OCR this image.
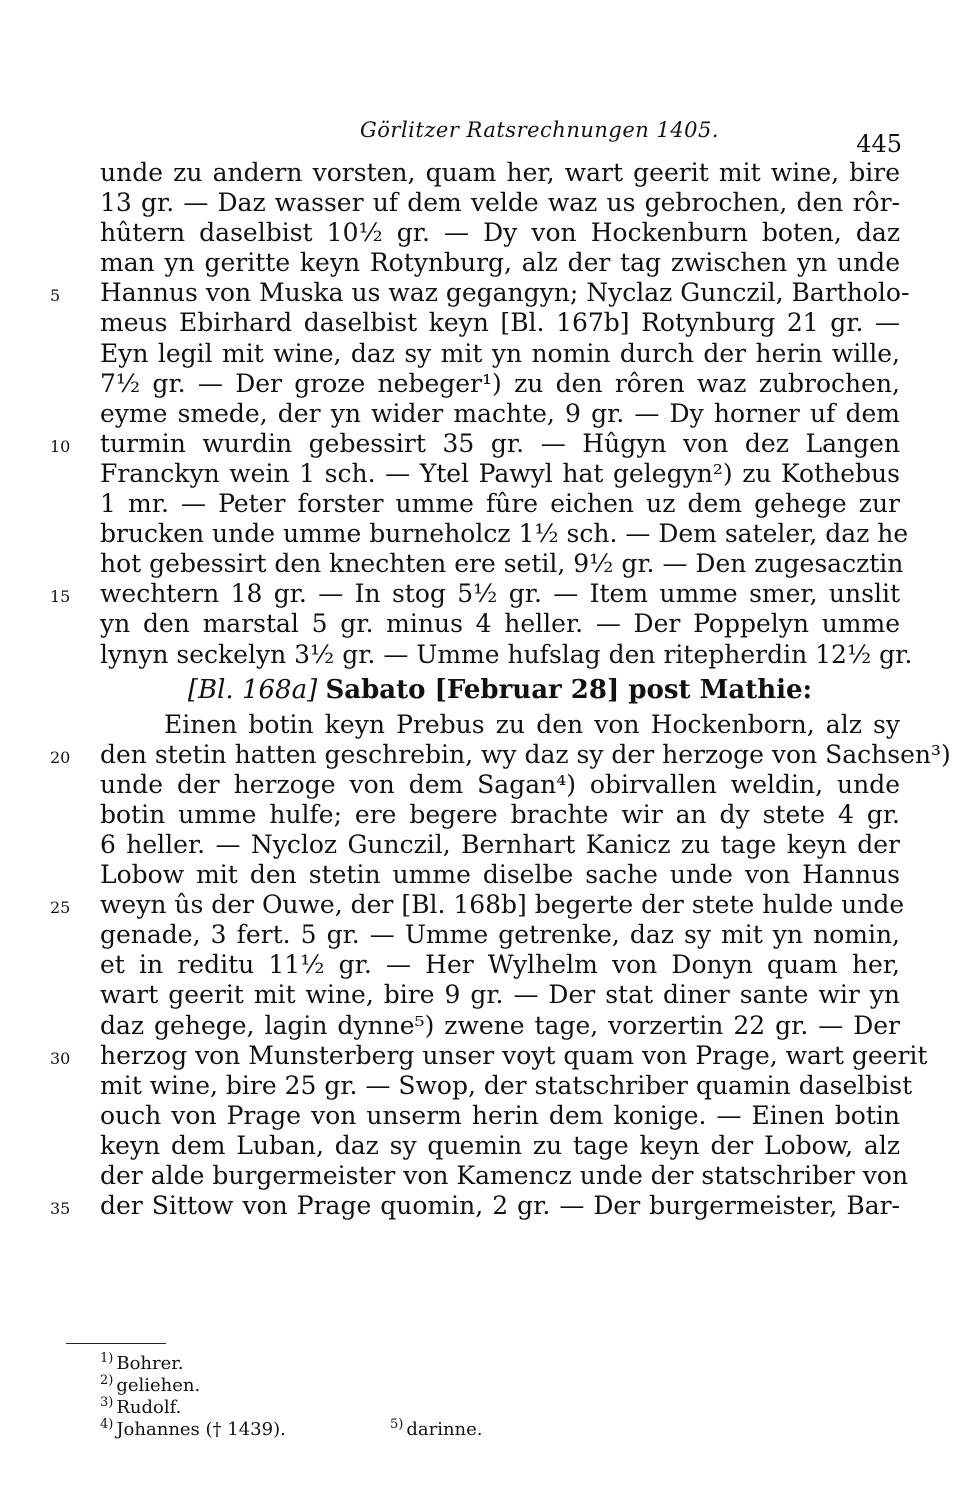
Görlitzer Ratsrechnungen 1405.	445
unde zu andern vorsten, quam her, wart geerit mit wine, bire
13 gr. — Daz wasser uf dem velde waz us gebrochen, den rôr-
hûtern daselbist 10½ gr. — Dy von Hockenburn boten, daz
man yn geritte keyn Rotynburg, alz der tag zwischen yn unde
5	Hannus von Muska us waz gegangyn; Nyclaz Gunczil, Bartholo-
meus Ebirhard daselbist keyn [Bl. 167b] Rotynburg 21 gr. —
Eyn legil mit wine, daz sy mit yn nomin durch der herin wille,
7½ gr. — Der groze nebeger¹) zu den rôren waz zubrochen,
eyme smede, der yn wider machte, 9 gr. — Dy horner uf dem
10	turmin wurdin gebessirt 35 gr. — Hûgyn von dez Langen
Franckyn wein 1 sch. — Ytel Pawyl hat gelegyn²) zu Kothebus
1 mr. — Peter forster umme fûre eichen uz dem gehege zur
brucken unde umme burneholcz 1½ sch. — Dem sateler, daz he
hot gebessirt den knechten ere setil, 9½ gr. — Den zugesacztin
15	wechtern 18 gr. — In stog 5½ gr. — Item umme smer, unslit
yn den marstal 5 gr. minus 4 heller. — Der Poppelyn umme
lynyn seckelyn 3½ gr. — Umme hufslag den ritepherdin 12½ gr.
[Bl. 168a] Sabato [Februar 28] post Mathie:
Einen botin keyn Prebus zu den von Hockenborn, alz sy
20	den stetin hatten geschrebin, wy daz sy der herzoge von Sachsen³)
unde der herzoge von dem Sagan⁴) obirvallen weldin, unde
botin umme hulfe; ere begere brachte wir an dy stete 4 gr.
6 heller. — Nycloz Gunczil, Bernhart Kanicz zu tage keyn der
Lobow mit den stetin umme diselbe sache unde von Hannus
25	weyn ûs der Ouwe, der [Bl. 168b] begerte der stete hulde unde
genade, 3 fert. 5 gr. — Umme getrenke, daz sy mit yn nomin,
et in reditu 11½ gr. — Her Wylhelm von Donyn quam her,
wart geerit mit wine, bire 9 gr. — Der stat diner sante wir yn
daz gehege, lagin dynne⁵) zwene tage, vorzertin 22 gr. — Der
30	herzog von Munsterberg unser voyt quam von Prage, wart geerit
mit wine, bire 25 gr. — Swop, der statschriber quamin daselbist
ouch von Prage von unserm herin dem konige. — Einen botin
keyn dem Luban, daz sy quemin zu tage keyn der Lobow, alz
der alde burgermeister von Kamencz unde der statschriber von
35	der Sittow von Prage quomin, 2 gr. — Der burgermeister, Bar-
$^{1)}$ Bohrer.
$^{2)}$ geliehen.
$^{3)}$ Rudolf.
$^{4)}$ Johannes († 1439).	$^{5)}$ darinne.
